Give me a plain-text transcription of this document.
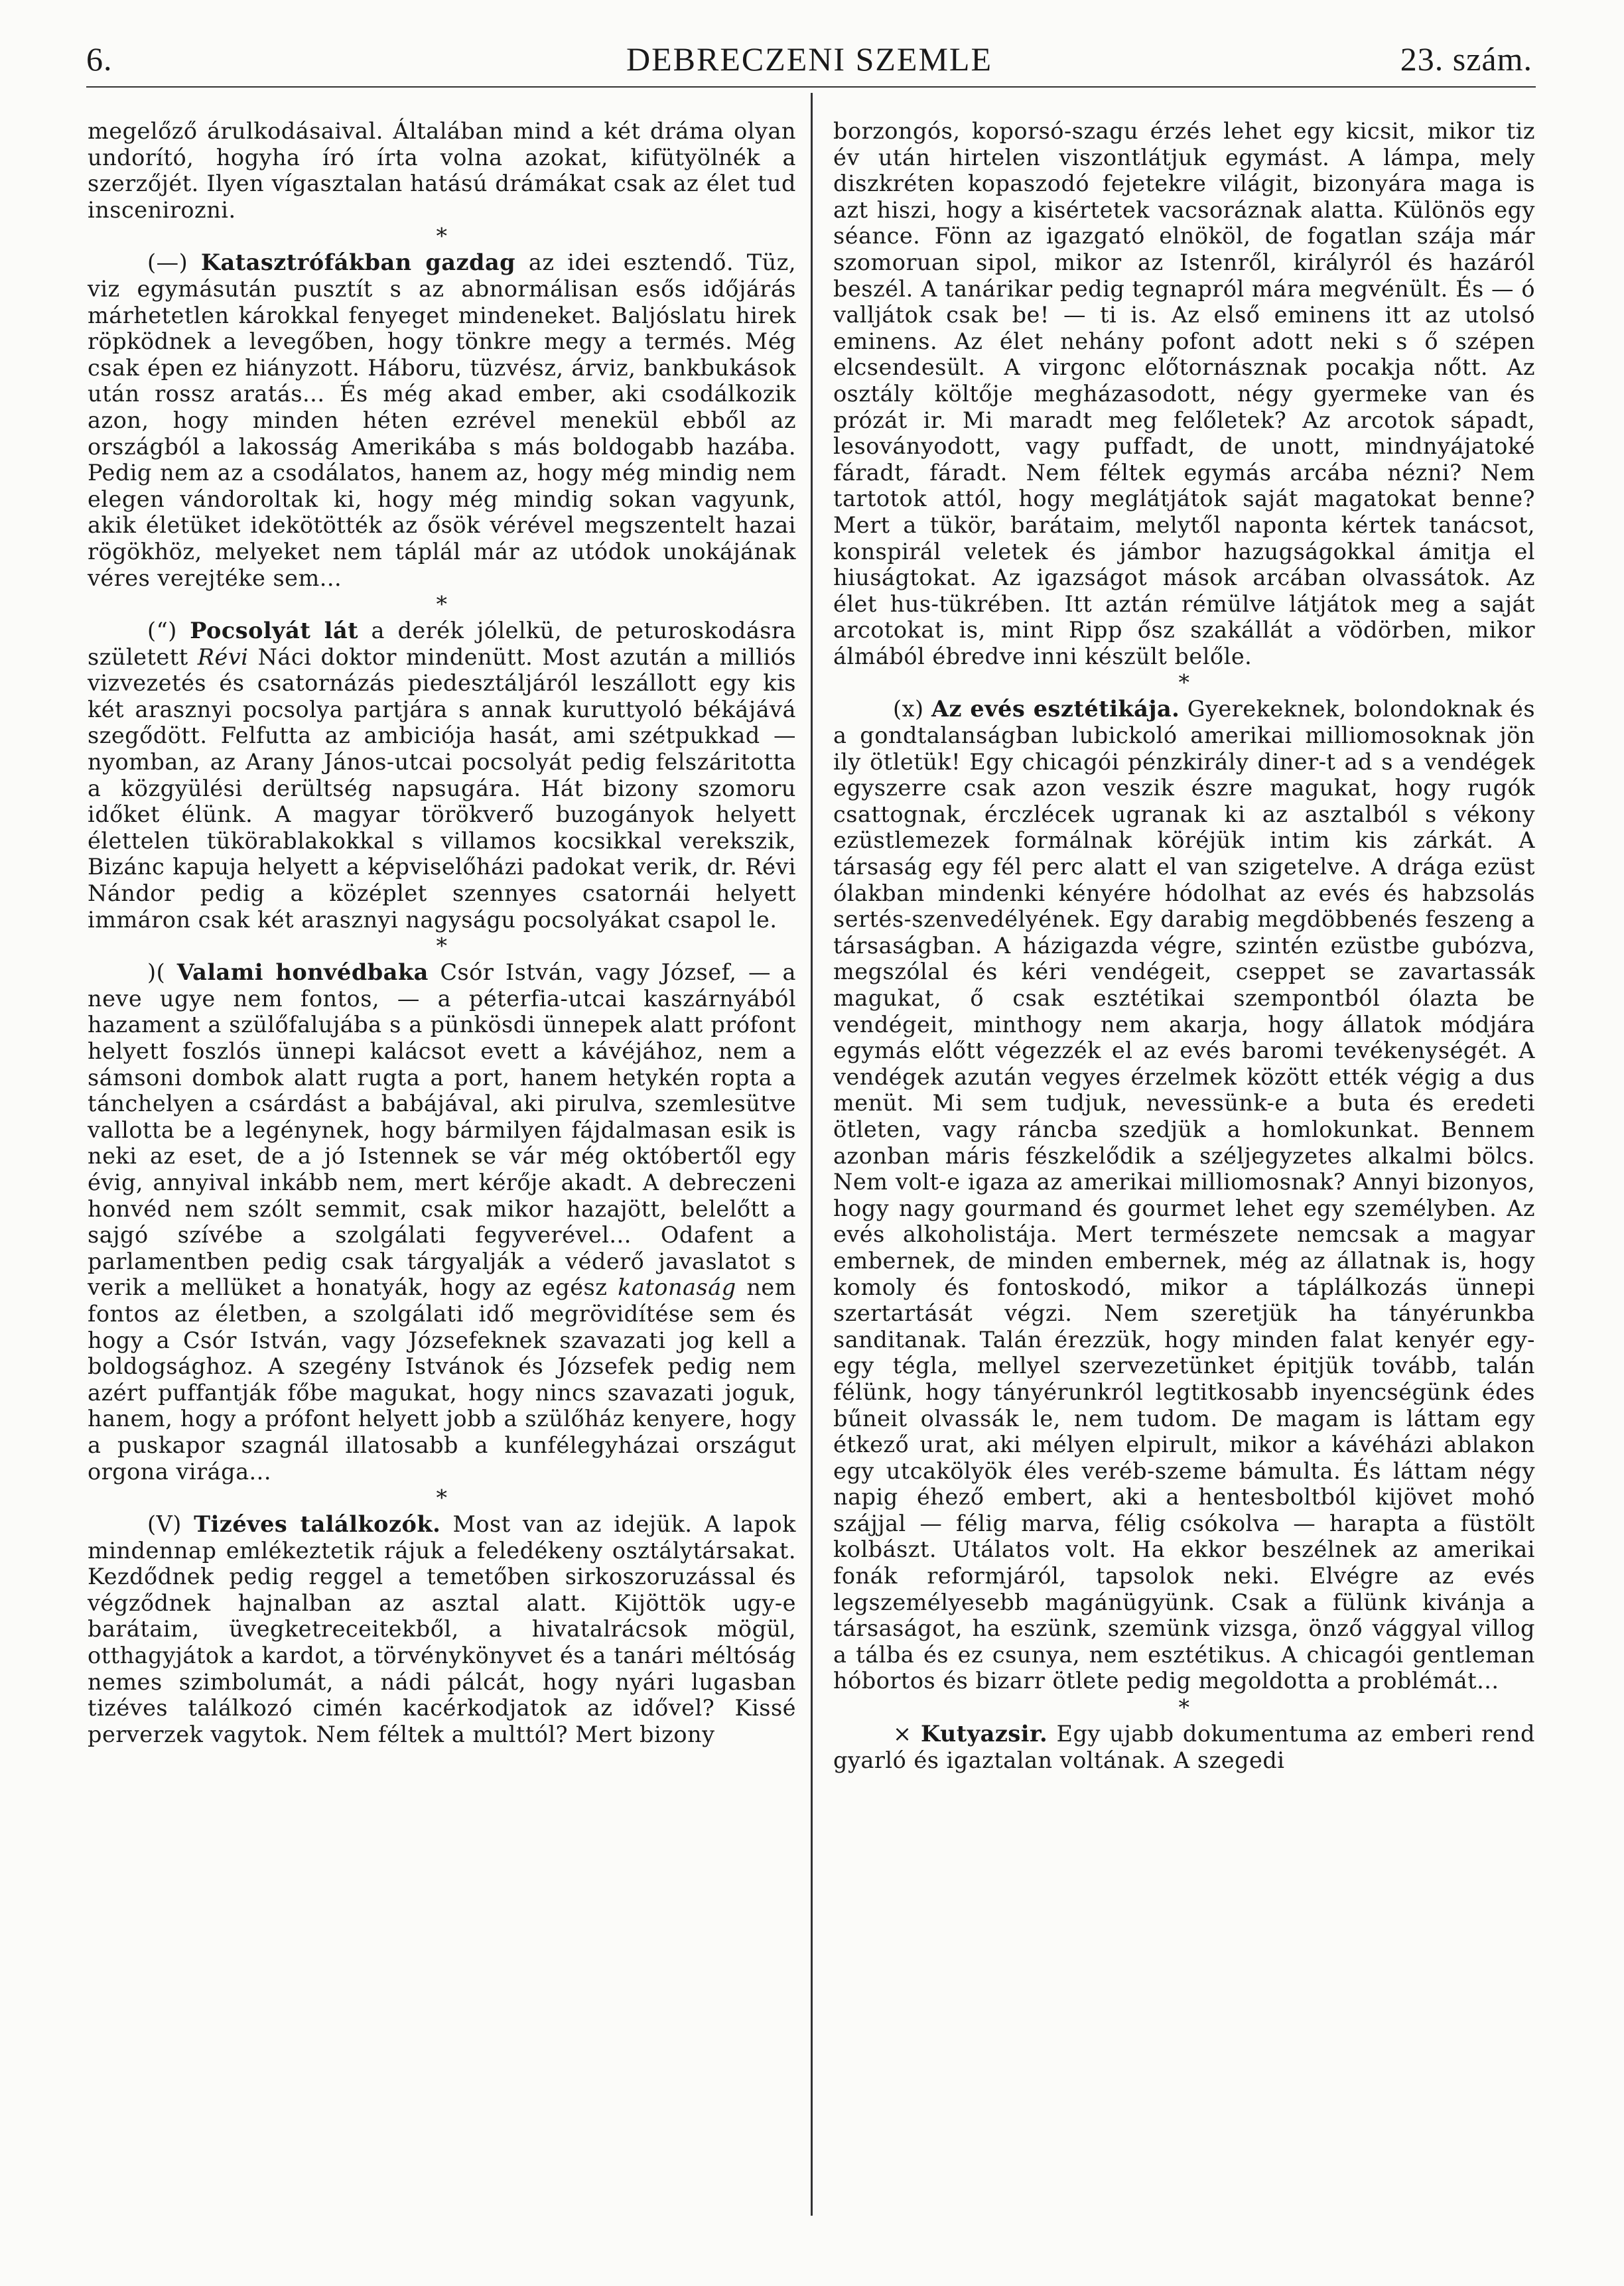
6.	DEBRECZENI SZEMLE	23. szám.

megelőző árulkodásaival. Általában mind a két dráma olyan undorító, hogyha író írta volna azokat, kifütyölnék a szerzőjét. Ilyen vígasztalan hatású drámákat csak az élet tud inscenirozni.

*

(—) Katasztrófákban gazdag az idei esztendő. Tüz, viz egymásután pusztít s az abnormálisan esős időjárás márhetetlen károkkal fenyeget mindeneket. Baljóslatu hirek röpködnek a levegőben, hogy tönkre megy a termés. Még csak épen ez hiányzott. Háboru, tüzvész, árviz, bankbukások után rossz aratás... És még akad ember, aki csodálkozik azon, hogy minden héten ezrével menekül ebből az országból a lakosság Amerikába s más boldogabb hazába. Pedig nem az a csodálatos, hanem az, hogy még mindig nem elegen vándoroltak ki, hogy még mindig sokan vagyunk, akik életüket idekötötték az ősök vérével megszentelt hazai rögökhöz, melyeket nem táplál már az utódok unokájának véres verejtéke sem...

*

(“) Pocsolyát lát a derék jólelkü, de peturoskodásra született Révi Náci doktor mindenütt. Most azután a milliós vizvezetés és csatornázás piedesztáljáról leszállott egy kis két arasznyi pocsolya partjára s annak kuruttyoló békájává szegődött. Felfutta az ambiciója hasát, ami szétpukkad — nyomban, az Arany János-utcai pocsolyát pedig felszáritotta a közgyülési derültség napsugára. Hát bizony szomoru időket élünk. A magyar törökverő buzogányok helyett élettelen tükörablakokkal s villamos kocsikkal verekszik, Bizánc kapuja helyett a képviselőházi padokat verik, dr. Révi Nándor pedig a középlet szennyes csatornái helyett immáron csak két arasznyi nagyságu pocsolyákat csapol le.

*

)( Valami honvédbaka Csór István, vagy József, — a neve ugye nem fontos, — a péterfia-utcai kaszárnyából hazament a szülőfalujába s a pünkösdi ünnepek alatt prófont helyett foszlós ünnepi kalácsot evett a kávéjához, nem a sámsoni dombok alatt rugta a port, hanem hetykén ropta a tánchelyen a csárdást a babájával, aki pirulva, szemlesütve vallotta be a legénynek, hogy bármilyen fájdalmasan esik is neki az eset, de a jó Istennek se vár még októbertől egy évig, annyival inkább nem, mert kérője akadt. A debreczeni honvéd nem szólt semmit, csak mikor hazajött, belelőtt a sajgó szívébe a szolgálati fegyverével... Odafent a parlamentben pedig csak tárgyalják a véderő javaslatot s verik a mellüket a honatyák, hogy az egész katonaság nem fontos az életben, a szolgálati idő megrövidítése sem és hogy a Csór István, vagy Józsefeknek szavazati jog kell a boldogsághoz. A szegény Istvánok és Józsefek pedig nem azért puffantják főbe magukat, hogy nincs szavazati joguk, hanem, hogy a prófont helyett jobb a szülőház kenyere, hogy a puskapor szagnál illatosabb a kunfélegyházai országut orgona virága...

*

(V) Tizéves találkozók. Most van az idejük. A lapok mindennap emlékeztetik rájuk a feledékeny osztálytársakat. Kezdődnek pedig reggel a temetőben sirkoszoruzással és végződnek hajnalban az asztal alatt. Kijöttök ugy-e barátaim, üvegketreceitekből, a hivatalrácsok mögül, otthagyjátok a kardot, a törvénykönyvet és a tanári méltóság nemes szimbolumát, a nádi pálcát, hogy nyári lugasban tizéves találkozó cimén kacérkodjatok az idővel? Kissé perverzek vagytok. Nem féltek a multtól? Mert bizony

borzongós, koporsó-szagu érzés lehet egy kicsit, mikor tiz év után hirtelen viszontlátjuk egymást. A lámpa, mely diszkréten kopaszodó fejetekre világit, bizonyára maga is azt hiszi, hogy a kisértetek vacsoráznak alatta. Különös egy séance. Fönn az igazgató elnököl, de fogatlan szája már szomoruan sipol, mikor az Istenről, királyról és hazáról beszél. A tanárikar pedig tegnapról mára megvénült. És — ó valljátok csak be! — ti is. Az első eminens itt az utolsó eminens. Az élet nehány pofont adott neki s ő szépen elcsendesült. A virgonc előtornásznak pocakja nőtt. Az osztály költője megházasodott, négy gyermeke van és prózát ir. Mi maradt meg felőletek? Az arcotok sápadt, lesoványodott, vagy puffadt, de unott, mindnyájatoké fáradt, fáradt. Nem féltek egymás arcába nézni? Nem tartotok attól, hogy meglátjátok saját magatokat benne? Mert a tükör, barátaim, melytől naponta kértek tanácsot, konspirál veletek és jámbor hazugságokkal ámitja el hiuságtokat. Az igazságot mások arcában olvassátok. Az élet hus-tükrében. Itt aztán rémülve látjátok meg a saját arcotokat is, mint Ripp ősz szakállát a vödörben, mikor álmából ébredve inni készült belőle.

*

(x) Az evés esztétikája. Gyerekeknek, bolondoknak és a gondtalanságban lubickoló amerikai milliomosoknak jön ily ötletük! Egy chicagói pénzkirály diner-t ad s a vendégek egyszerre csak azon veszik észre magukat, hogy rugók csattognak, érczlécek ugranak ki az asztalból s vékony ezüstlemezek formálnak köréjük intim kis zárkát. A társaság egy fél perc alatt el van szigetelve. A drága ezüst ólakban mindenki kényére hódolhat az evés és habzsolás sertés-szenvedélyének. Egy darabig megdöbbenés feszeng a társaságban. A házigazda végre, szintén ezüstbe gubózva, megszólal és kéri vendégeit, cseppet se zavartassák magukat, ő csak esztétikai szempontból ólazta be vendégeit, minthogy nem akarja, hogy állatok módjára egymás előtt végezzék el az evés baromi tevékenységét. A vendégek azután vegyes érzelmek között ették végig a dus menüt. Mi sem tudjuk, nevessünk-e a buta és eredeti ötleten, vagy ráncba szedjük a homlokunkat. Bennem azonban máris fészkelődik a széljegyzetes alkalmi bölcs. Nem volt-e igaza az amerikai milliomosnak? Annyi bizonyos, hogy nagy gourmand és gourmet lehet egy személyben. Az evés alkoholistája. Mert természete nemcsak a magyar embernek, de minden embernek, még az állatnak is, hogy komoly és fontoskodó, mikor a táplálkozás ünnepi szertartását végzi. Nem szeretjük ha tányérunkba sanditanak. Talán érezzük, hogy minden falat kenyér egy-egy tégla, mellyel szervezetünket épitjük tovább, talán félünk, hogy tányérunkról legtitkosabb inyencségünk édes bűneit olvassák le, nem tudom. De magam is láttam egy étkező urat, aki mélyen elpirult, mikor a kávéházi ablakon egy utcakölyök éles veréb-szeme bámulta. És láttam négy napig éhező embert, aki a hentesboltból kijövet mohó szájjal — félig marva, félig csókolva — harapta a füstölt kolbászt. Utálatos volt. Ha ekkor beszélnek az amerikai fonák reformjáról, tapsolok neki. Elvégre az evés legszemélyesebb magánügyünk. Csak a fülünk kivánja a társaságot, ha eszünk, szemünk vizsga, önző vággyal villog a tálba és ez csunya, nem esztétikus. A chicagói gentleman hóbortos és bizarr ötlete pedig megoldotta a problémát...

*

× Kutyazsir. Egy ujabb dokumentuma az emberi rend gyarló és igaztalan voltának. A szegedi
